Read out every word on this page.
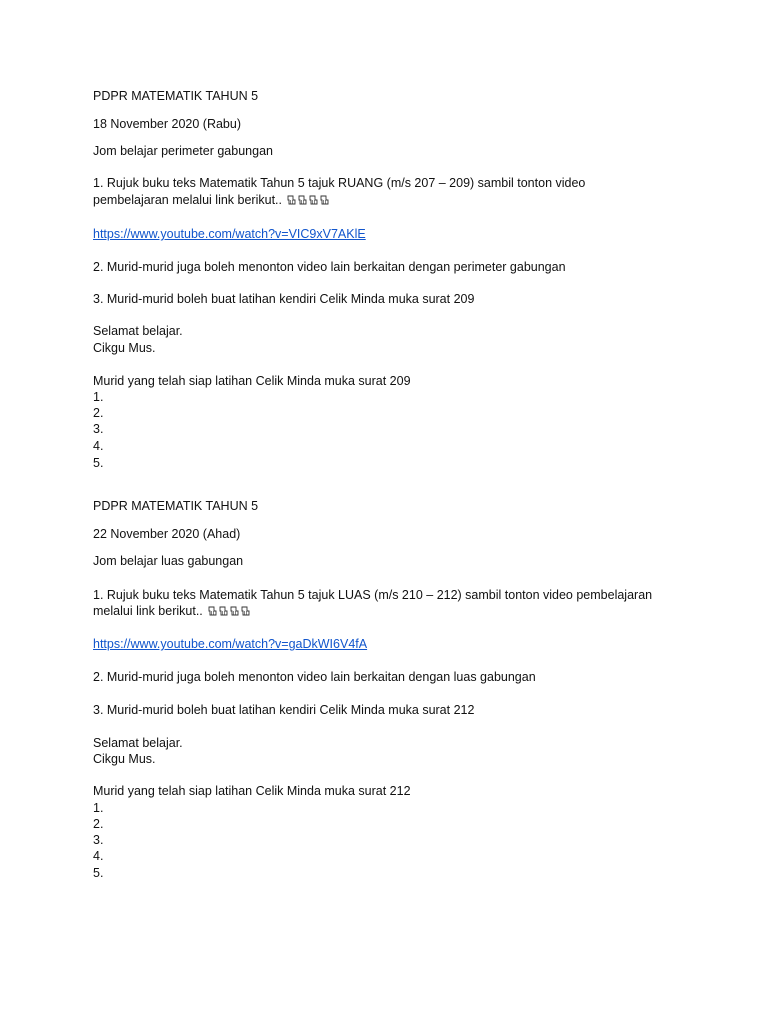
PDPR MATEMATIK TAHUN 5
18 November 2020 (Rabu)
Jom belajar perimeter gabungan
1. Rujuk buku teks Matematik Tahun 5 tajuk RUANG (m/s 207 – 209) sambil tonton video
pembelajaran melalui link berikut..
https://www.youtube.com/watch?v=VIC9xV7AKlE
2. Murid-murid juga boleh menonton video lain berkaitan dengan perimeter gabungan
3. Murid-murid boleh buat latihan kendiri Celik Minda muka surat 209
Selamat belajar.
Cikgu Mus.
Murid yang telah siap latihan Celik Minda muka surat 209
1.
2.
3.
4.
5.
PDPR MATEMATIK TAHUN 5
22 November 2020 (Ahad)
Jom belajar luas gabungan
1. Rujuk buku teks Matematik Tahun 5 tajuk LUAS (m/s 210 – 212) sambil tonton video pembelajaran
melalui link berikut..
https://www.youtube.com/watch?v=gaDkWI6V4fA
2. Murid-murid juga boleh menonton video lain berkaitan dengan luas gabungan
3. Murid-murid boleh buat latihan kendiri Celik Minda muka surat 212
Selamat belajar.
Cikgu Mus.
Murid yang telah siap latihan Celik Minda muka surat 212
1.
2.
3.
4.
5.
